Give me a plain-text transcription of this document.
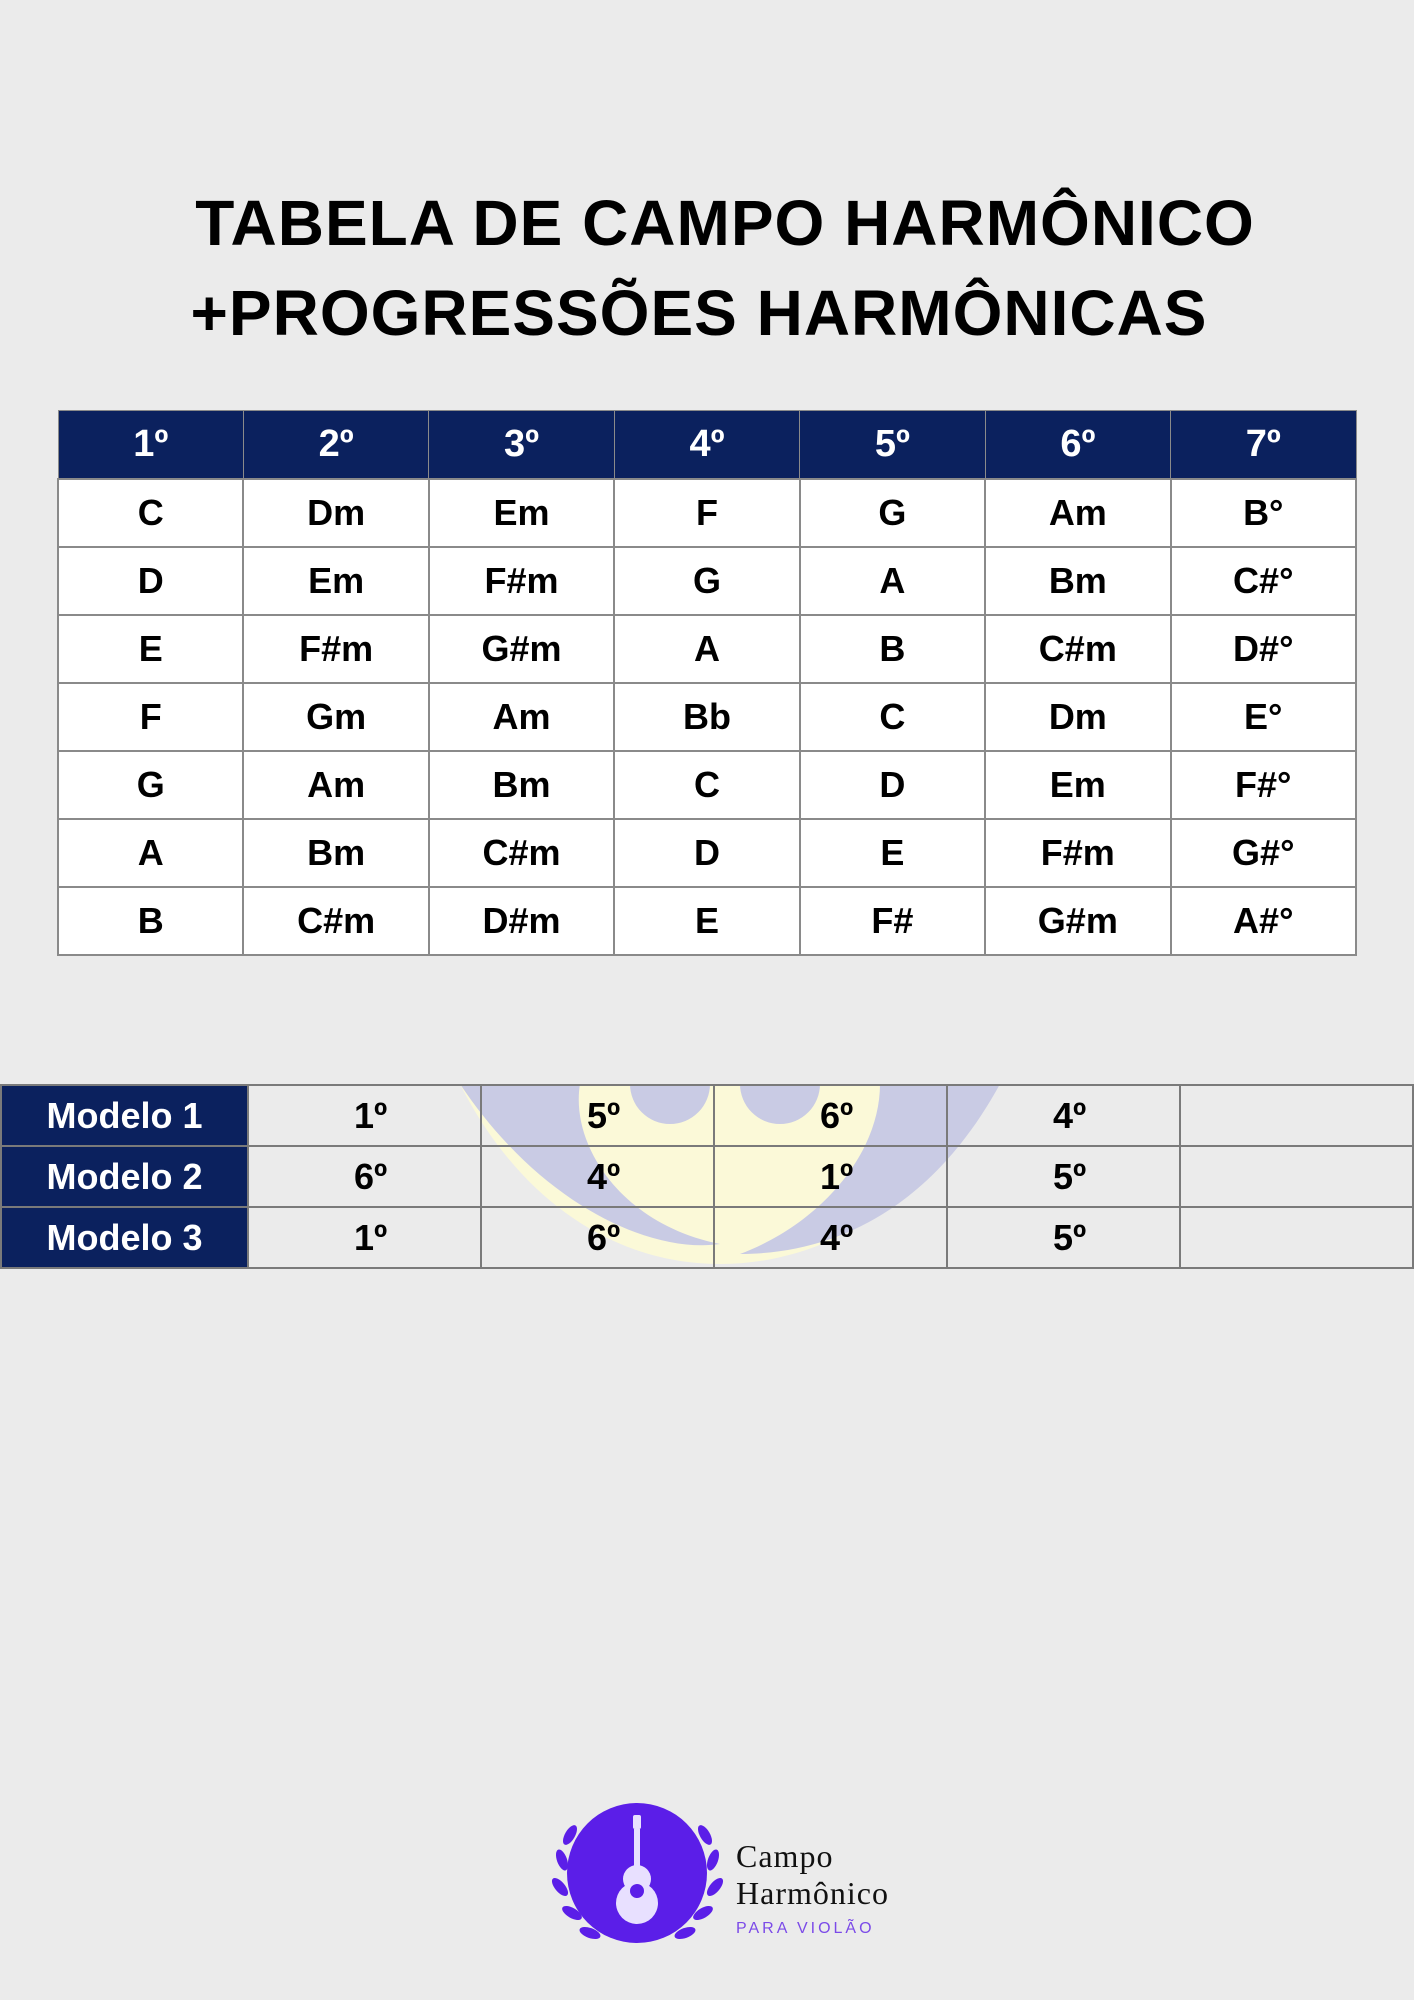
TABELA DE CAMPO HARMÔNICO
+PROGRESSÕES HARMÔNICAS
1º	2º	3º	4º	5º	6º	7º
C	Dm	Em	F	G	Am	B°
D	Em	F#m	G	A	Bm	C#°
E	F#m	G#m	A	B	C#m	D#°
F	Gm	Am	Bb	C	Dm	E°
G	Am	Bm	C	D	Em	F#°
A	Bm	C#m	D	E	F#m	G#°
B	C#m	D#m	E	F#	G#m	A#°
Modelo 1	1º	5º	6º	4º	
Modelo 2	6º	4º	1º	5º	
Modelo 3	1º	6º	4º	5º	
Campo
Harmônico
PARA VIOLÃO
